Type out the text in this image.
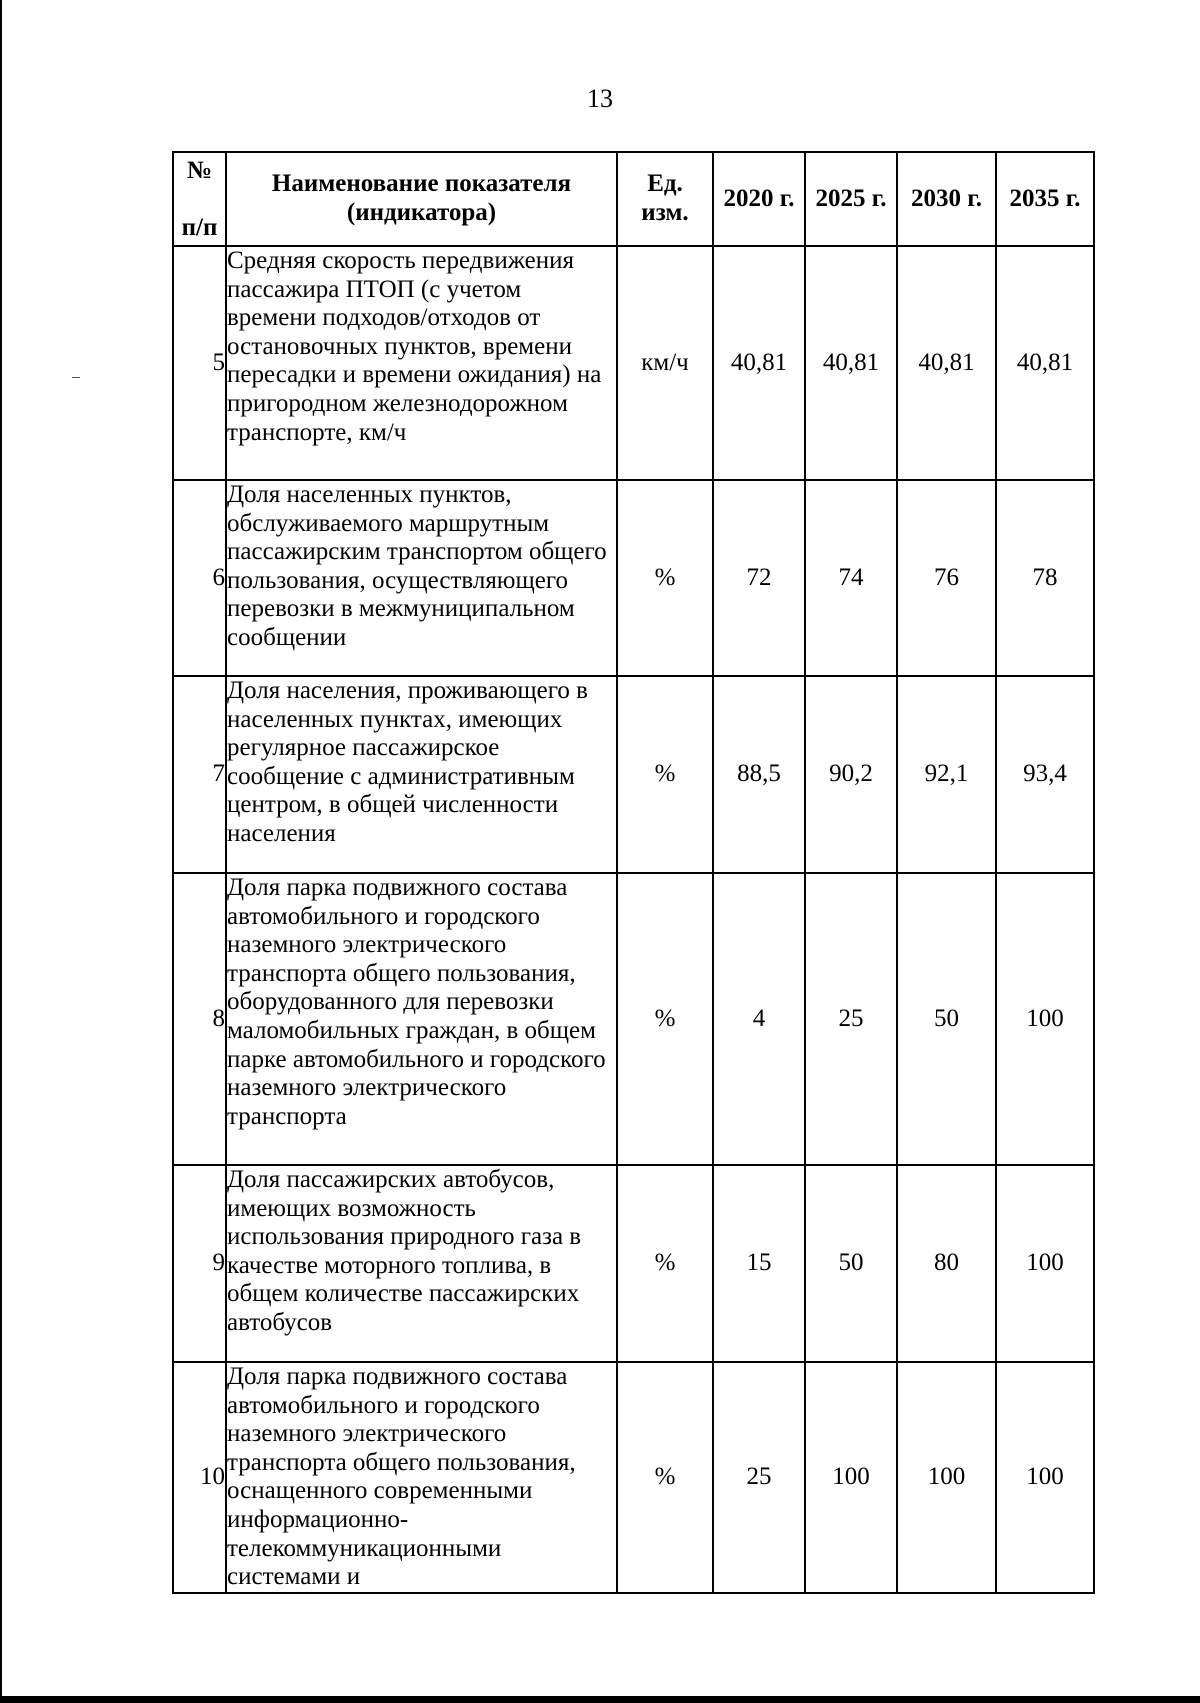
13
№
п/п	Наименование показателя (индикатора)	Ед. изм.	2020 г.	2025 г.	2030 г.	2035 г.
5	Средняя скорость передвижения пассажира ПТОП (с учетом времени подходов/отходов от остановочных пунктов, времени пересадки и времени ожидания) на пригородном железнодорожном транспорте, км/ч	км/ч	40,81	40,81	40,81	40,81
6	Доля населенных пунктов, обслуживаемого маршрутным пассажирским транспортом общего пользования, осуществляющего перевозки в межмуниципальном сообщении	%	72	74	76	78
7	Доля населения, проживающего в населенных пунктах, имеющих регулярное пассажирское сообщение с административным центром, в общей численности населения	%	88,5	90,2	92,1	93,4
8	Доля парка подвижного состава автомобильного и городского наземного электрического транспорта общего пользования, оборудованного для перевозки маломобильных граждан, в общем парке автомобильного и городского наземного электрического транспорта	%	4	25	50	100
9	Доля пассажирских автобусов, имеющих возможность использования природного газа в качестве моторного топлива, в общем количестве пассажирских автобусов	%	15	50	80	100
10	Доля парка подвижного состава автомобильного и городского наземного электрического транспорта общего пользования, оснащенного современными информационно-телекоммуникационными системами и	%	25	100	100	100
